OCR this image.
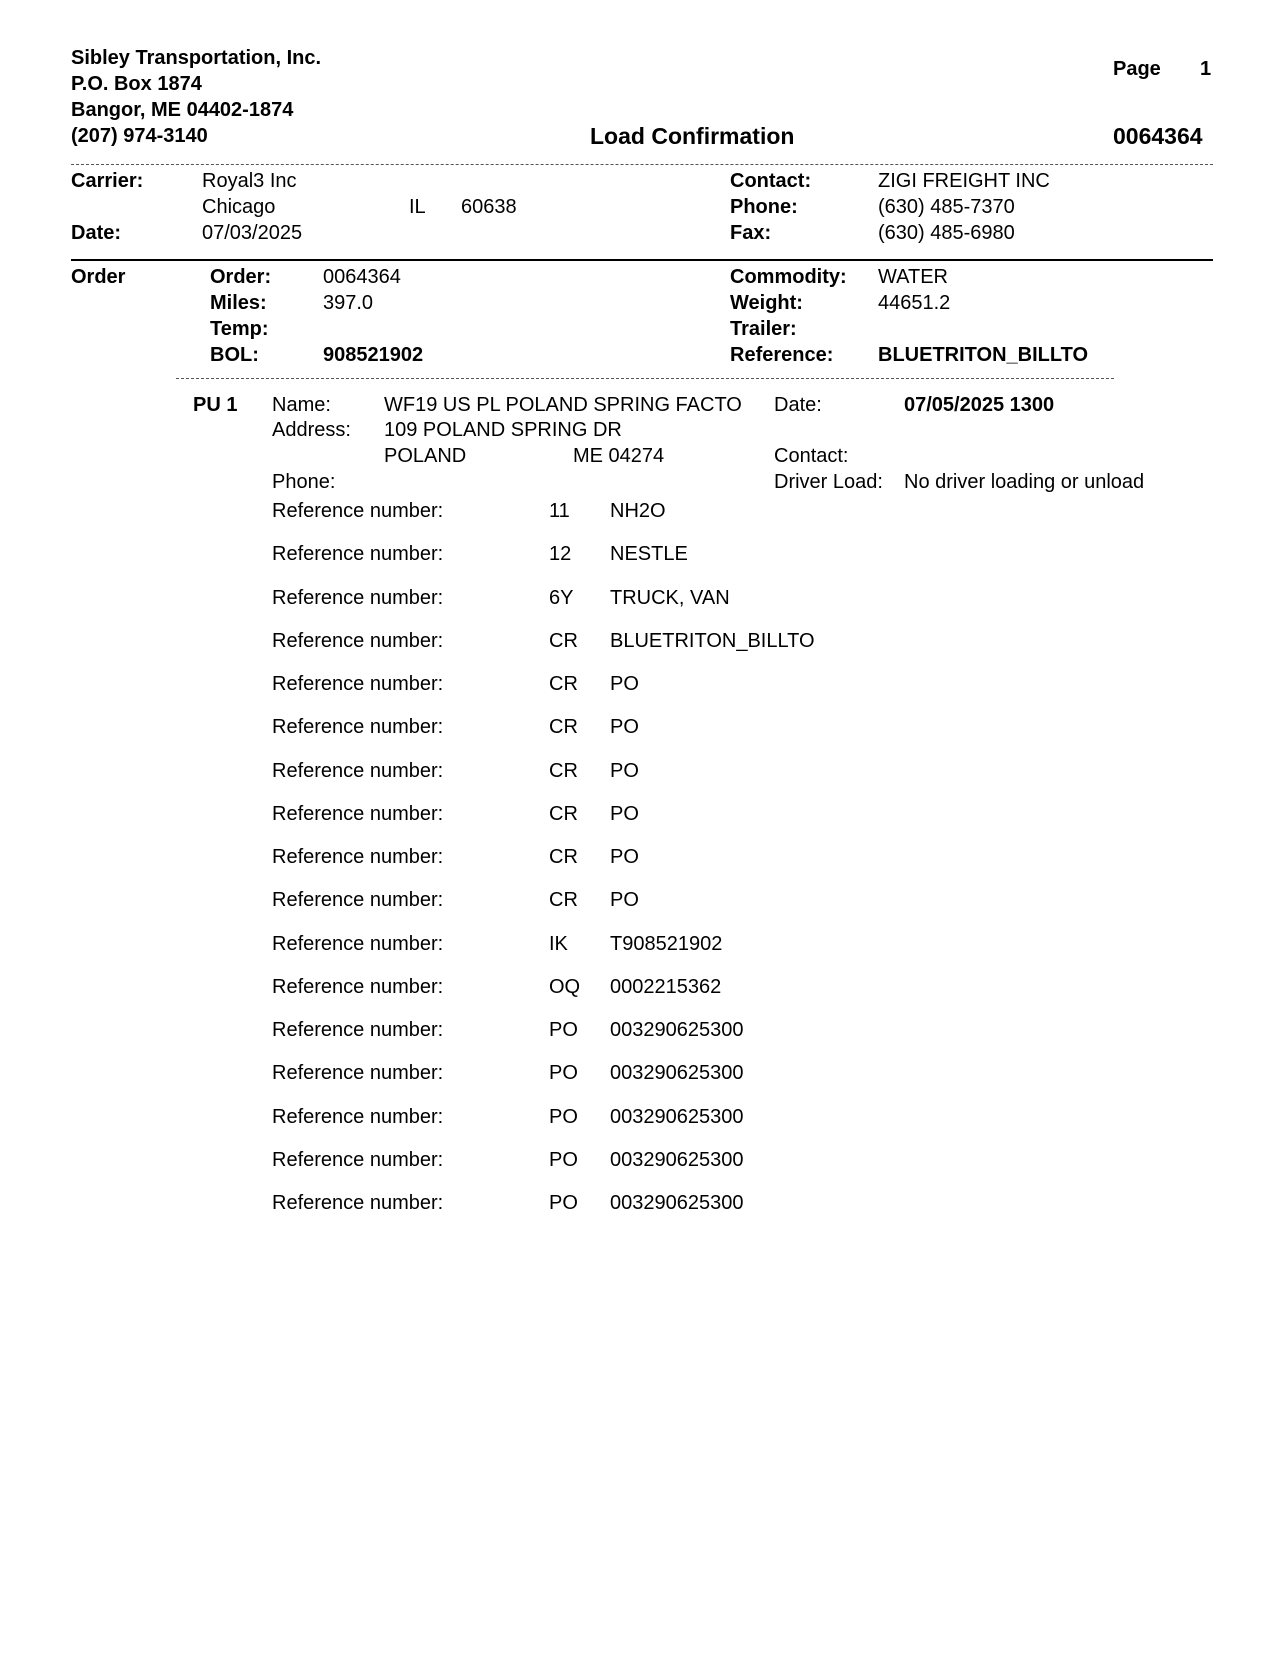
Sibley Transportation, Inc.
P.O. Box 1874
Bangor, ME 04402-1874
(207) 974-3140
Page 1
Load Confirmation	0064364
Carrier:	Royal3 Inc
Chicago	IL 60638
Date:	07/03/2025
Contact:	ZIGI FREIGHT INC
Phone:	(630) 485-7370
Fax:	(630) 485-6980
Order	Order:	0064364
Miles:	397.0
Temp:
BOL:	908521902
Commodity: WATER
Weight:	44651.2
Trailer:
Reference: BLUETRITON_BILLTO
PU 1 Name:	WF19 US PL POLAND SPRING FACTO
Address: 109 POLAND SPRING DR
POLAND	ME 04274
Phone:
Date:	07/05/2025 1300
Contact:
Driver Load: No driver loading or unload
Reference number:	11 NH2O
Reference number:	12 NESTLE
Reference number:	6Y TRUCK, VAN
Reference number:	CR BLUETRITON_BILLTO
Reference number:	CR PO
Reference number:	CR PO
Reference number:	CR PO
Reference number:	CR PO
Reference number:	CR PO
Reference number:	CR PO
Reference number:	IK T908521902
Reference number:	OQ 0002215362
Reference number:	PO 003290625300
Reference number:	PO 003290625300
Reference number:	PO 003290625300
Reference number:	PO 003290625300
Reference number:	PO 003290625300
